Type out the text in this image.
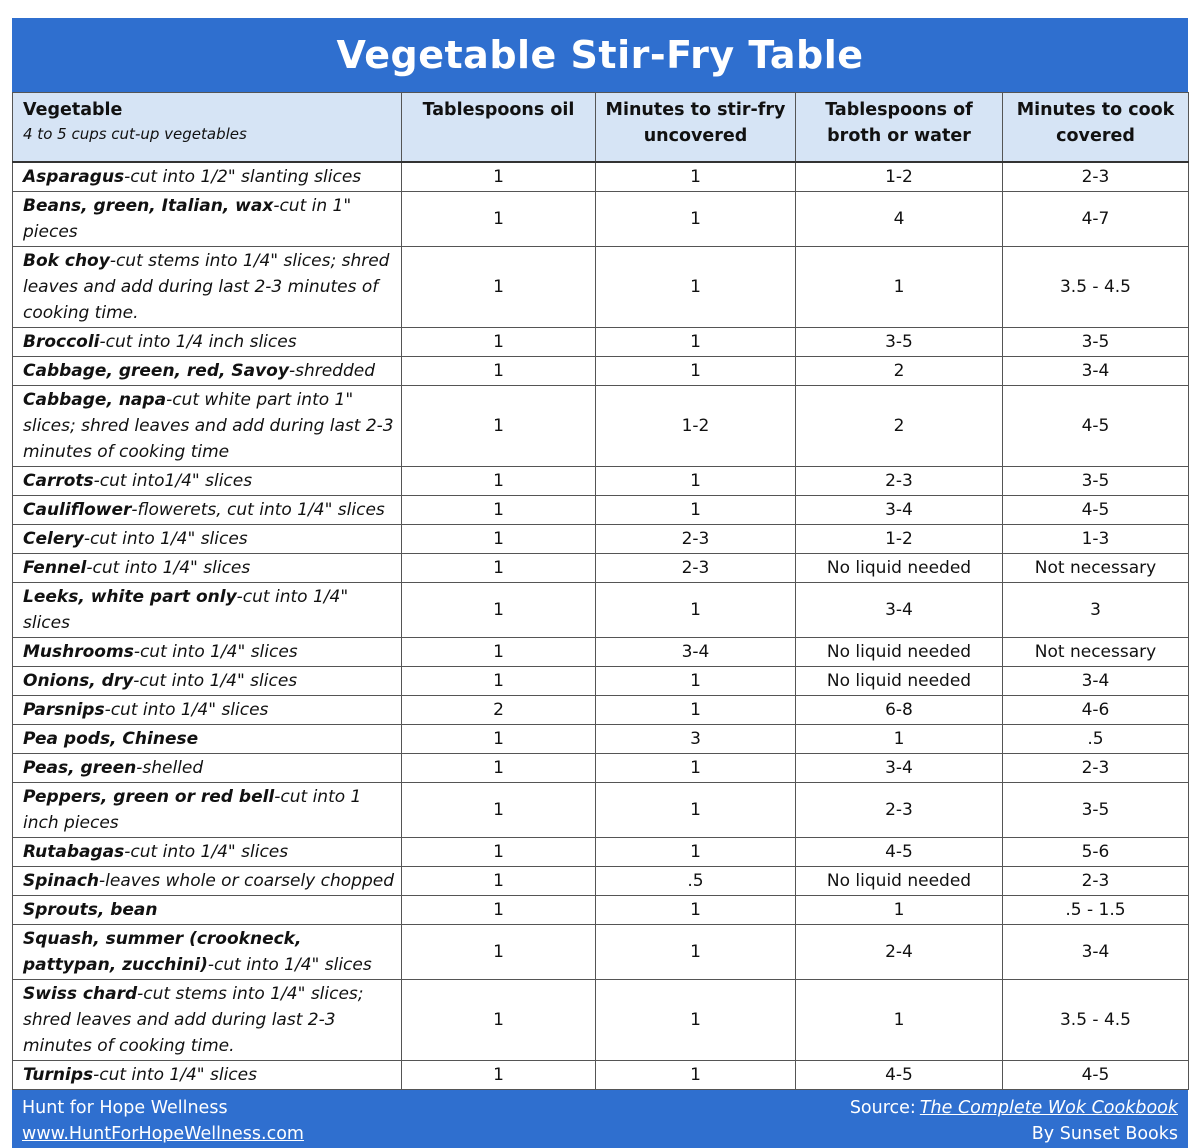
Vegetable Stir-Fry Table
Vegetable
4 to 5 cups cut-up vegetables	Tablespoons oil	Minutes to stir-fry uncovered	Tablespoons of broth or water	Minutes to cook covered
Asparagus-cut into 1/2" slanting slices	1	1	1-2	2-3
Beans, green, Italian, wax-cut in 1" pieces	1	1	4	4-7
Bok choy-cut stems into 1/4" slices; shred leaves and add during last 2-3 minutes of cooking time.	1	1	1	3.5 - 4.5
Broccoli-cut into 1/4 inch slices	1	1	3-5	3-5
Cabbage, green, red, Savoy-shredded	1	1	2	3-4
Cabbage, napa-cut white part into 1" slices; shred leaves and add during last 2-3 minutes of cooking time	1	1-2	2	4-5
Carrots-cut into1/4" slices	1	1	2-3	3-5
Cauliflower-flowerets, cut into 1/4" slices	1	1	3-4	4-5
Celery-cut into 1/4" slices	1	2-3	1-2	1-3
Fennel-cut into 1/4" slices	1	2-3	No liquid needed	Not necessary
Leeks, white part only-cut into 1/4" slices	1	1	3-4	3
Mushrooms-cut into 1/4" slices	1	3-4	No liquid needed	Not necessary
Onions, dry-cut into 1/4" slices	1	1	No liquid needed	3-4
Parsnips-cut into 1/4" slices	2	1	6-8	4-6
Pea pods, Chinese	1	3	1	.5
Peas, green-shelled	1	1	3-4	2-3
Peppers, green or red bell-cut into 1 inch pieces	1	1	2-3	3-5
Rutabagas-cut into 1/4" slices	1	1	4-5	5-6
Spinach-leaves whole or coarsely chopped	1	.5	No liquid needed	2-3
Sprouts, bean	1	1	1	.5 - 1.5
Squash, summer (crookneck, pattypan, zucchini)-cut into 1/4" slices	1	1	2-4	3-4
Swiss chard-cut stems into 1/4" slices; shred leaves and add during last 2-3 minutes of cooking time.	1	1	1	3.5 - 4.5
Turnips-cut into 1/4" slices	1	1	4-5	4-5
Hunt for Hope Wellness
www.HuntForHopeWellness.com
Source: The Complete Wok Cookbook
By Sunset Books
